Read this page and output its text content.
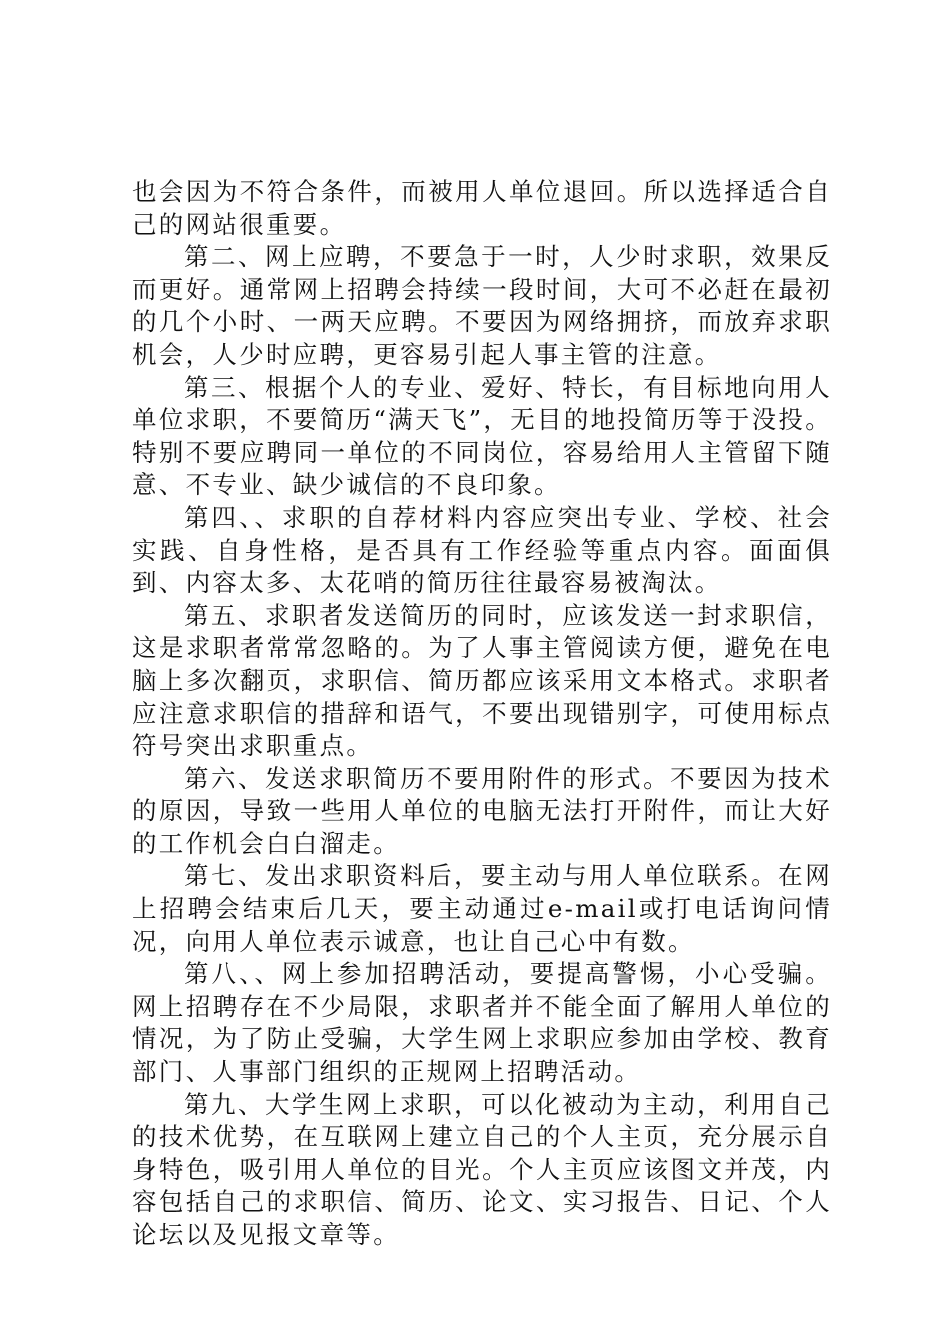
也会因为不符合条件，而被用人单位退回。所以选择适合自己的网站很重要。

第二、网上应聘，不要急于一时，人少时求职，效果反而更好。通常网上招聘会持续一段时间，大可不必赶在最初的几个小时、一两天应聘。不要因为网络拥挤，而放弃求职机会，人少时应聘，更容易引起人事主管的注意。

第三、根据个人的专业、爱好、特长，有目标地向用人单位求职，不要简历“满天飞”，无目的地投简历等于没投。特别不要应聘同一单位的不同岗位，容易给用人主管留下随意、不专业、缺少诚信的不良印象。

第四、、求职的自荐材料内容应突出专业、学校、社会实践、自身性格，是否具有工作经验等重点内容。面面俱到、内容太多、太花哨的简历往往最容易被淘汰。

第五、求职者发送简历的同时，应该发送一封求职信，这是求职者常常忽略的。为了人事主管阅读方便，避免在电脑上多次翻页，求职信、简历都应该采用文本格式。求职者应注意求职信的措辞和语气，不要出现错别字，可使用标点符号突出求职重点。

第六、发送求职简历不要用附件的形式。不要因为技术的原因，导致一些用人单位的电脑无法打开附件，而让大好的工作机会白白溜走。

第七、发出求职资料后，要主动与用人单位联系。在网上招聘会结束后几天，要主动通过e-mail或打电话询问情况，向用人单位表示诚意，也让自己心中有数。

第八、、网上参加招聘活动，要提高警惕，小心受骗。网上招聘存在不少局限，求职者并不能全面了解用人单位的情况，为了防止受骗，大学生网上求职应参加由学校、教育部门、人事部门组织的正规网上招聘活动。

第九、大学生网上求职，可以化被动为主动，利用自己的技术优势，在互联网上建立自己的个人主页，充分展示自身特色，吸引用人单位的目光。个人主页应该图文并茂，内容包括自己的求职信、简历、论文、实习报告、日记、个人论坛以及见报文章等。
